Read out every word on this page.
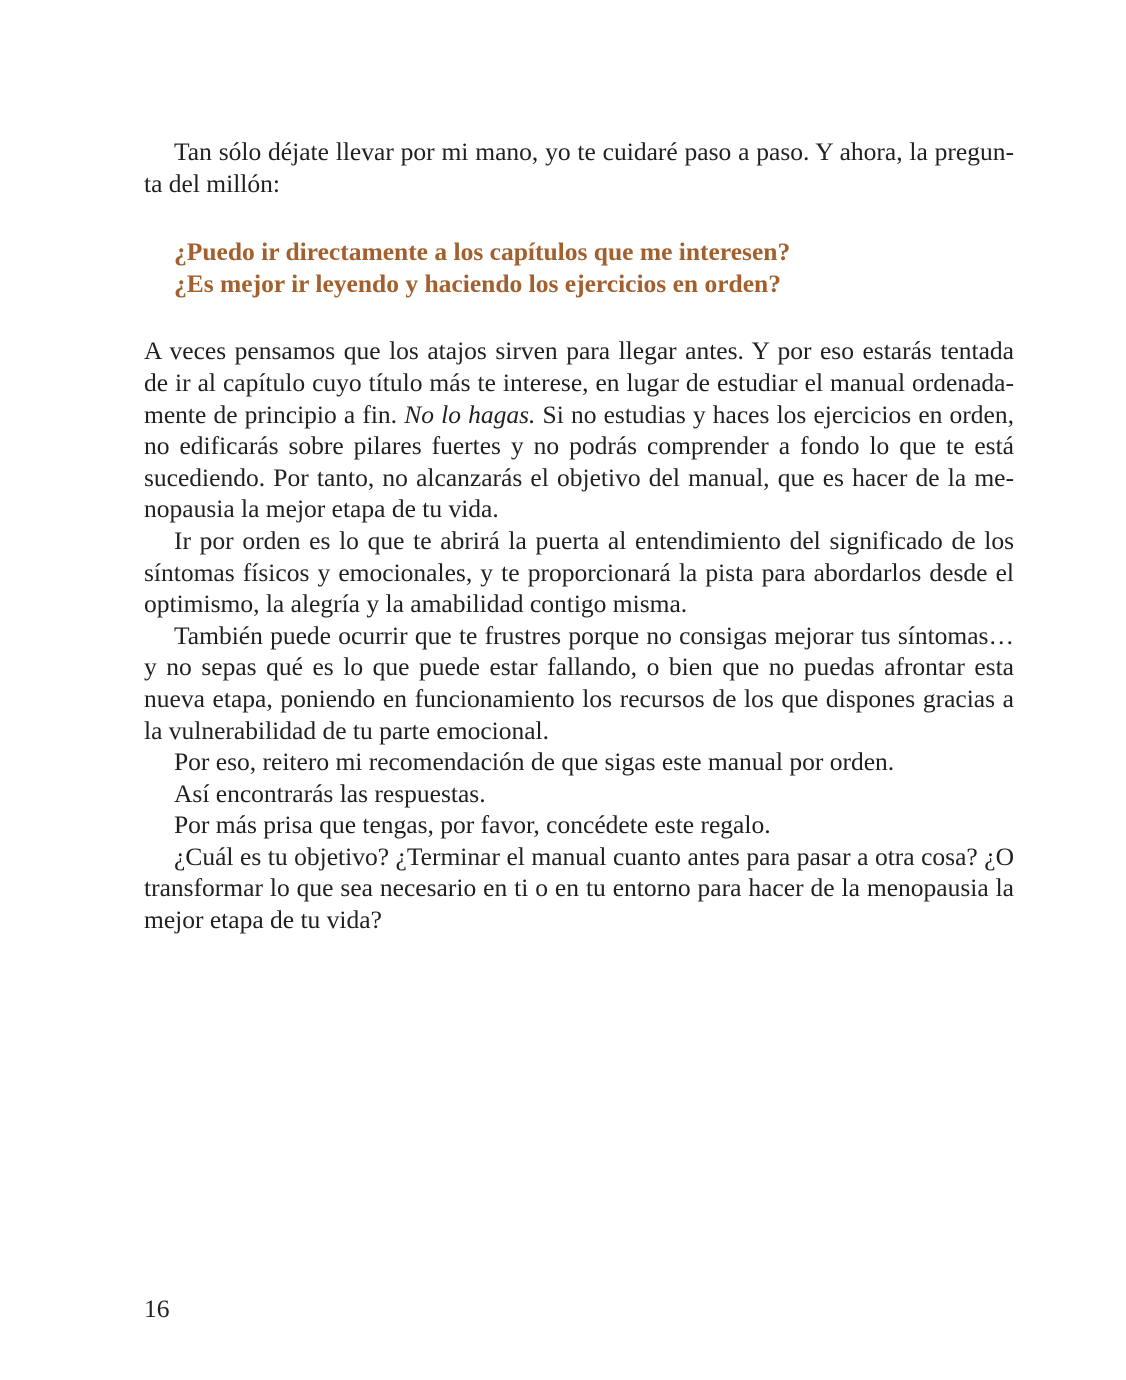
Tan sólo déjate llevar por mi mano, yo te cuidaré paso a paso. Y ahora, la pregunta del millón:

¿Puedo ir directamente a los capítulos que me interesen?

¿Es mejor ir leyendo y haciendo los ejercicios en orden?

A veces pensamos que los atajos sirven para llegar antes. Y por eso estarás tentada de ir al capítulo cuyo título más te interese, en lugar de estudiar el manual ordenadamente de principio a fin. No lo hagas. Si no estudias y haces los ejercicios en orden, no edificarás sobre pilares fuertes y no podrás comprender a fondo lo que te está sucediendo. Por tanto, no alcanzarás el objetivo del manual, que es hacer de la menopausia la mejor etapa de tu vida.

Ir por orden es lo que te abrirá la puerta al entendimiento del significado de los síntomas físicos y emocionales, y te proporcionará la pista para abordarlos desde el optimismo, la alegría y la amabilidad contigo misma.

También puede ocurrir que te frustres porque no consigas mejorar tus síntomas… y no sepas qué es lo que puede estar fallando, o bien que no puedas afrontar esta nueva etapa, poniendo en funcionamiento los recursos de los que dispones gracias a la vulnerabilidad de tu parte emocional.

Por eso, reitero mi recomendación de que sigas este manual por orden.

Así encontrarás las respuestas.

Por más prisa que tengas, por favor, concédete este regalo.

¿Cuál es tu objetivo? ¿Terminar el manual cuanto antes para pasar a otra cosa? ¿O transformar lo que sea necesario en ti o en tu entorno para hacer de la menopausia la mejor etapa de tu vida?

16
